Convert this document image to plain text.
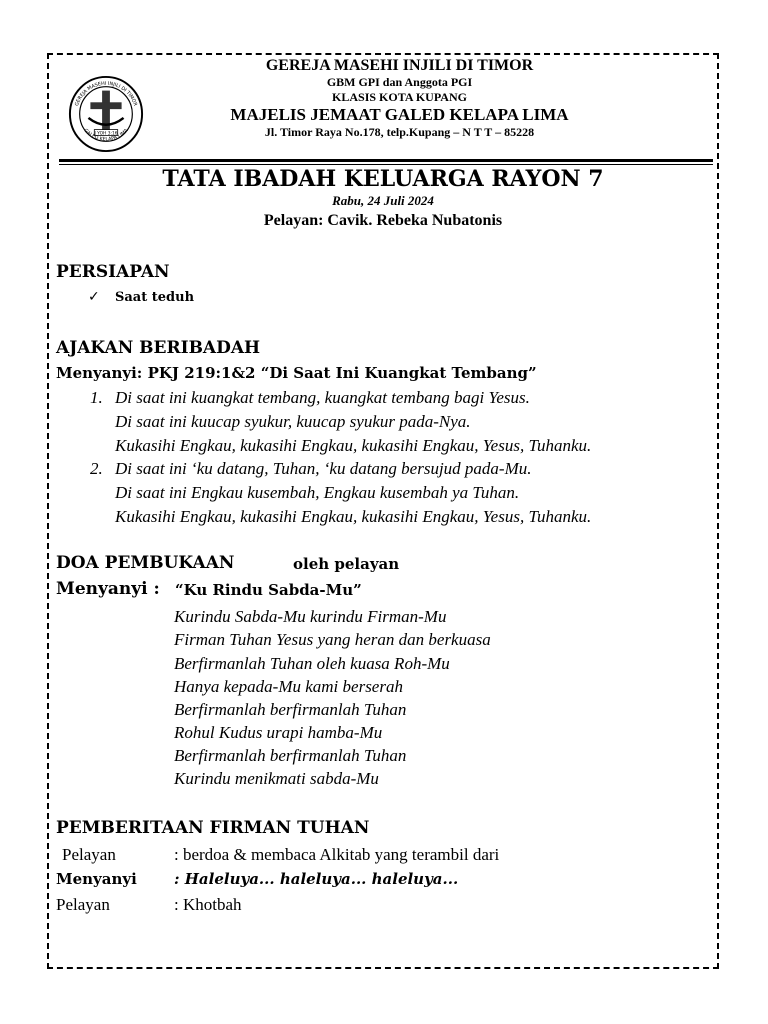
I YOH 3:16
GEREJA MASEHI INJILI DI TIMOR
GALED KELAPA LIMA
GEREJA MASEHI INJILI DI TIMOR
GBM GPI dan Anggota PGI
KLASIS KOTA KUPANG
MAJELIS JEMAAT GALED KELAPA LIMA
Jl. Timor Raya No.178, telp.Kupang – N T T – 85228
TATA IBADAH KELUARGA RAYON 7
Rabu, 24 Juli 2024
Pelayan: Cavik. Rebeka Nubatonis
PERSIAPAN
✓ Saat teduh
AJAKAN BERIBADAH
Menyanyi: PKJ 219:1&2 “Di Saat Ini Kuangkat Tembang”
1. Di saat ini kuangkat tembang, kuangkat tembang bagi Yesus.
Di saat ini kuucap syukur, kuucap syukur pada-Nya.
Kukasihi Engkau, kukasihi Engkau, kukasihi Engkau, Yesus, Tuhanku.
2. Di saat ini ‘ku datang, Tuhan, ‘ku datang bersujud pada-Mu.
Di saat ini Engkau kusembah, Engkau kusembah ya Tuhan.
Kukasihi Engkau, kukasihi Engkau, kukasihi Engkau, Yesus, Tuhanku.
DOA PEMBUKAAN	oleh pelayan
Menyanyi : “Ku Rindu Sabda-Mu”
Kurindu Sabda-Mu kurindu Firman-Mu
Firman Tuhan Yesus yang heran dan berkuasa
Berfirmanlah Tuhan oleh kuasa Roh-Mu
Hanya kepada-Mu kami berserah
Berfirmanlah berfirmanlah Tuhan
Rohul Kudus urapi hamba-Mu
Berfirmanlah berfirmanlah Tuhan
Kurindu menikmati sabda-Mu
PEMBERITAAN FIRMAN TUHAN
Pelayan	: berdoa & membaca Alkitab yang terambil dari
Menyanyi : Haleluya... haleluya... haleluya...
Pelayan	: Khotbah
